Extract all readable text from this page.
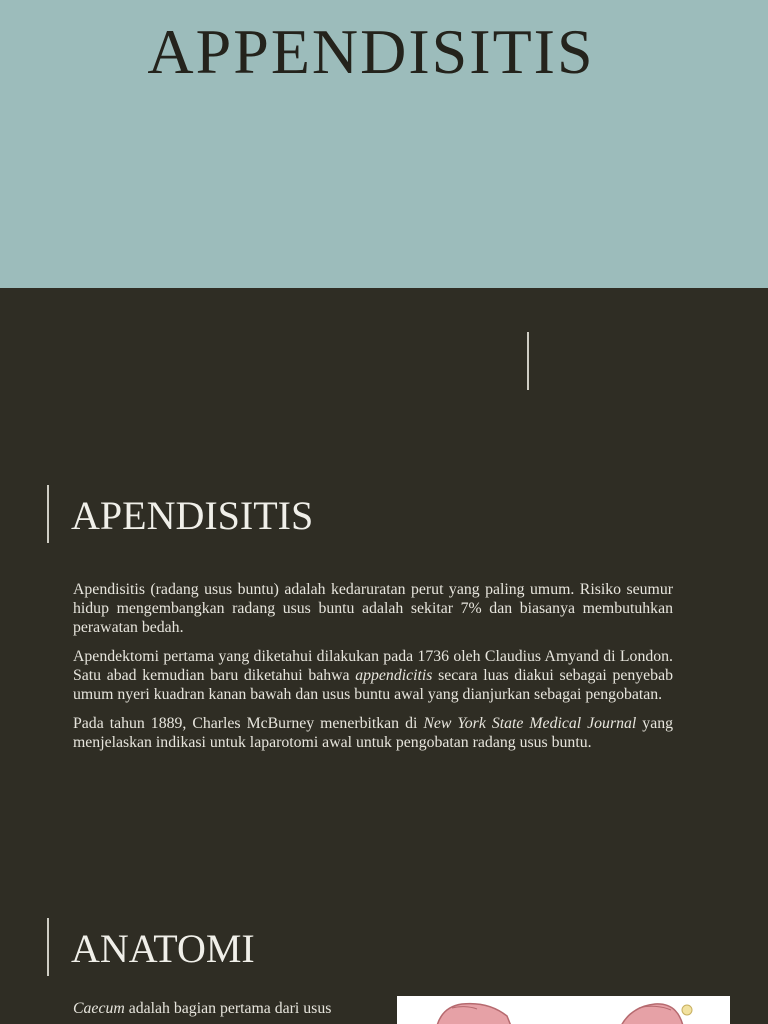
APPENDISITIS
APENDISITIS

Apendisitis (radang usus buntu) adalah kedaruratan perut yang paling umum. Risiko seumur hidup mengembangkan radang usus buntu adalah sekitar 7% dan biasanya membutuhkan perawatan bedah.

Apendektomi pertama yang diketahui dilakukan pada 1736 oleh Claudius Amyand di London. Satu abad kemudian baru diketahui bahwa appendicitis secara luas diakui sebagai penyebab umum nyeri kuadran kanan bawah dan usus buntu awal yang dianjurkan sebagai pengobatan.

Pada tahun 1889, Charles McBurney menerbitkan di New York State Medical Journal yang menjelaskan indikasi untuk laparotomi awal untuk pengobatan radang usus buntu.

ANATOMI
Caecum adalah bagian pertama dari usus
